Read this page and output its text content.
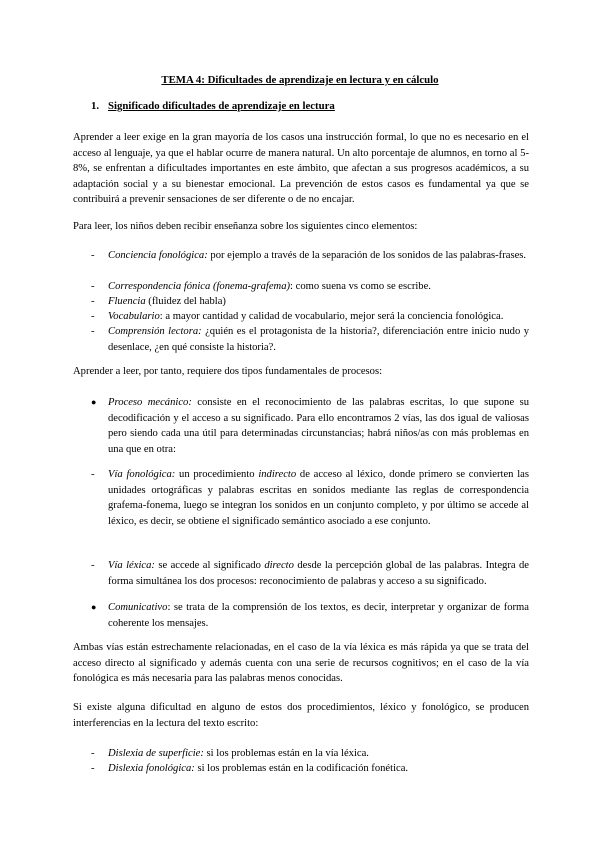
TEMA 4: Dificultades de aprendizaje en lectura y en cálculo
1. Significado dificultades de aprendizaje en lectura

Aprender a leer exige en la gran mayoría de los casos una instrucción formal, lo que no es necesario en el acceso al lenguaje, ya que el hablar ocurre de manera natural. Un alto porcentaje de alumnos, en torno al 5-8%, se enfrentan a dificultades importantes en este ámbito, que afectan a sus progresos académicos, a su adaptación social y a su bienestar emocional. La prevención de estos casos es fundamental ya que se contribuirá a prevenir sensaciones de ser diferente o de no encajar.

Para leer, los niños deben recibir enseñanza sobre los siguientes cinco elementos:

-	Conciencia fonológica: por ejemplo a través de la separación de los sonidos de las palabras-frases.
-	Correspondencia fónica (fonema-grafema): como suena vs como se escribe.
-	Fluencia (fluidez del habla)
-	Vocabulario: a mayor cantidad y calidad de vocabulario, mejor será la conciencia fonológica.
-	Comprensión lectora: ¿quién es el protagonista de la historia?, diferenciación entre inicio nudo y desenlace, ¿en qué consiste la historia?.

Aprender a leer, por tanto, requiere dos tipos fundamentales de procesos:

●	Proceso mecánico: consiste en el reconocimiento de las palabras escritas, lo que supone su decodificación y el acceso a su significado. Para ello encontramos 2 vías, las dos igual de valiosas pero siendo cada una útil para determinadas circunstancias; habrá niños/as con más problemas en una que en otra:
-	Vía fonológica: un procedimiento indirecto de acceso al léxico, donde primero se convierten las unidades ortográficas y palabras escritas en sonidos mediante las reglas de correspondencia grafema-fonema, luego se integran los sonidos en un conjunto completo, y por último se accede al léxico, es decir, se obtiene el significado semántico asociado a ese conjunto.
-	Vía léxica: se accede al significado directo desde la percepción global de las palabras. Integra de forma simultánea los dos procesos: reconocimiento de palabras y acceso a su significado.
●	Comunicativo: se trata de la comprensión de los textos, es decir, interpretar y organizar de forma coherente los mensajes.

Ambas vías están estrechamente relacionadas, en el caso de la vía léxica es más rápida ya que se trata del acceso directo al significado y además cuenta con una serie de recursos cognitivos; en el caso de la vía fonológica es más necesaria para las palabras menos conocidas.

Si existe alguna dificultad en alguno de estos dos procedimientos, léxico y fonológico, se producen interferencias en la lectura del texto escrito:

-	Dislexia de superficie: si los problemas están en la vía léxica.
-	Dislexia fonológica: si los problemas están en la codificación fonética.
